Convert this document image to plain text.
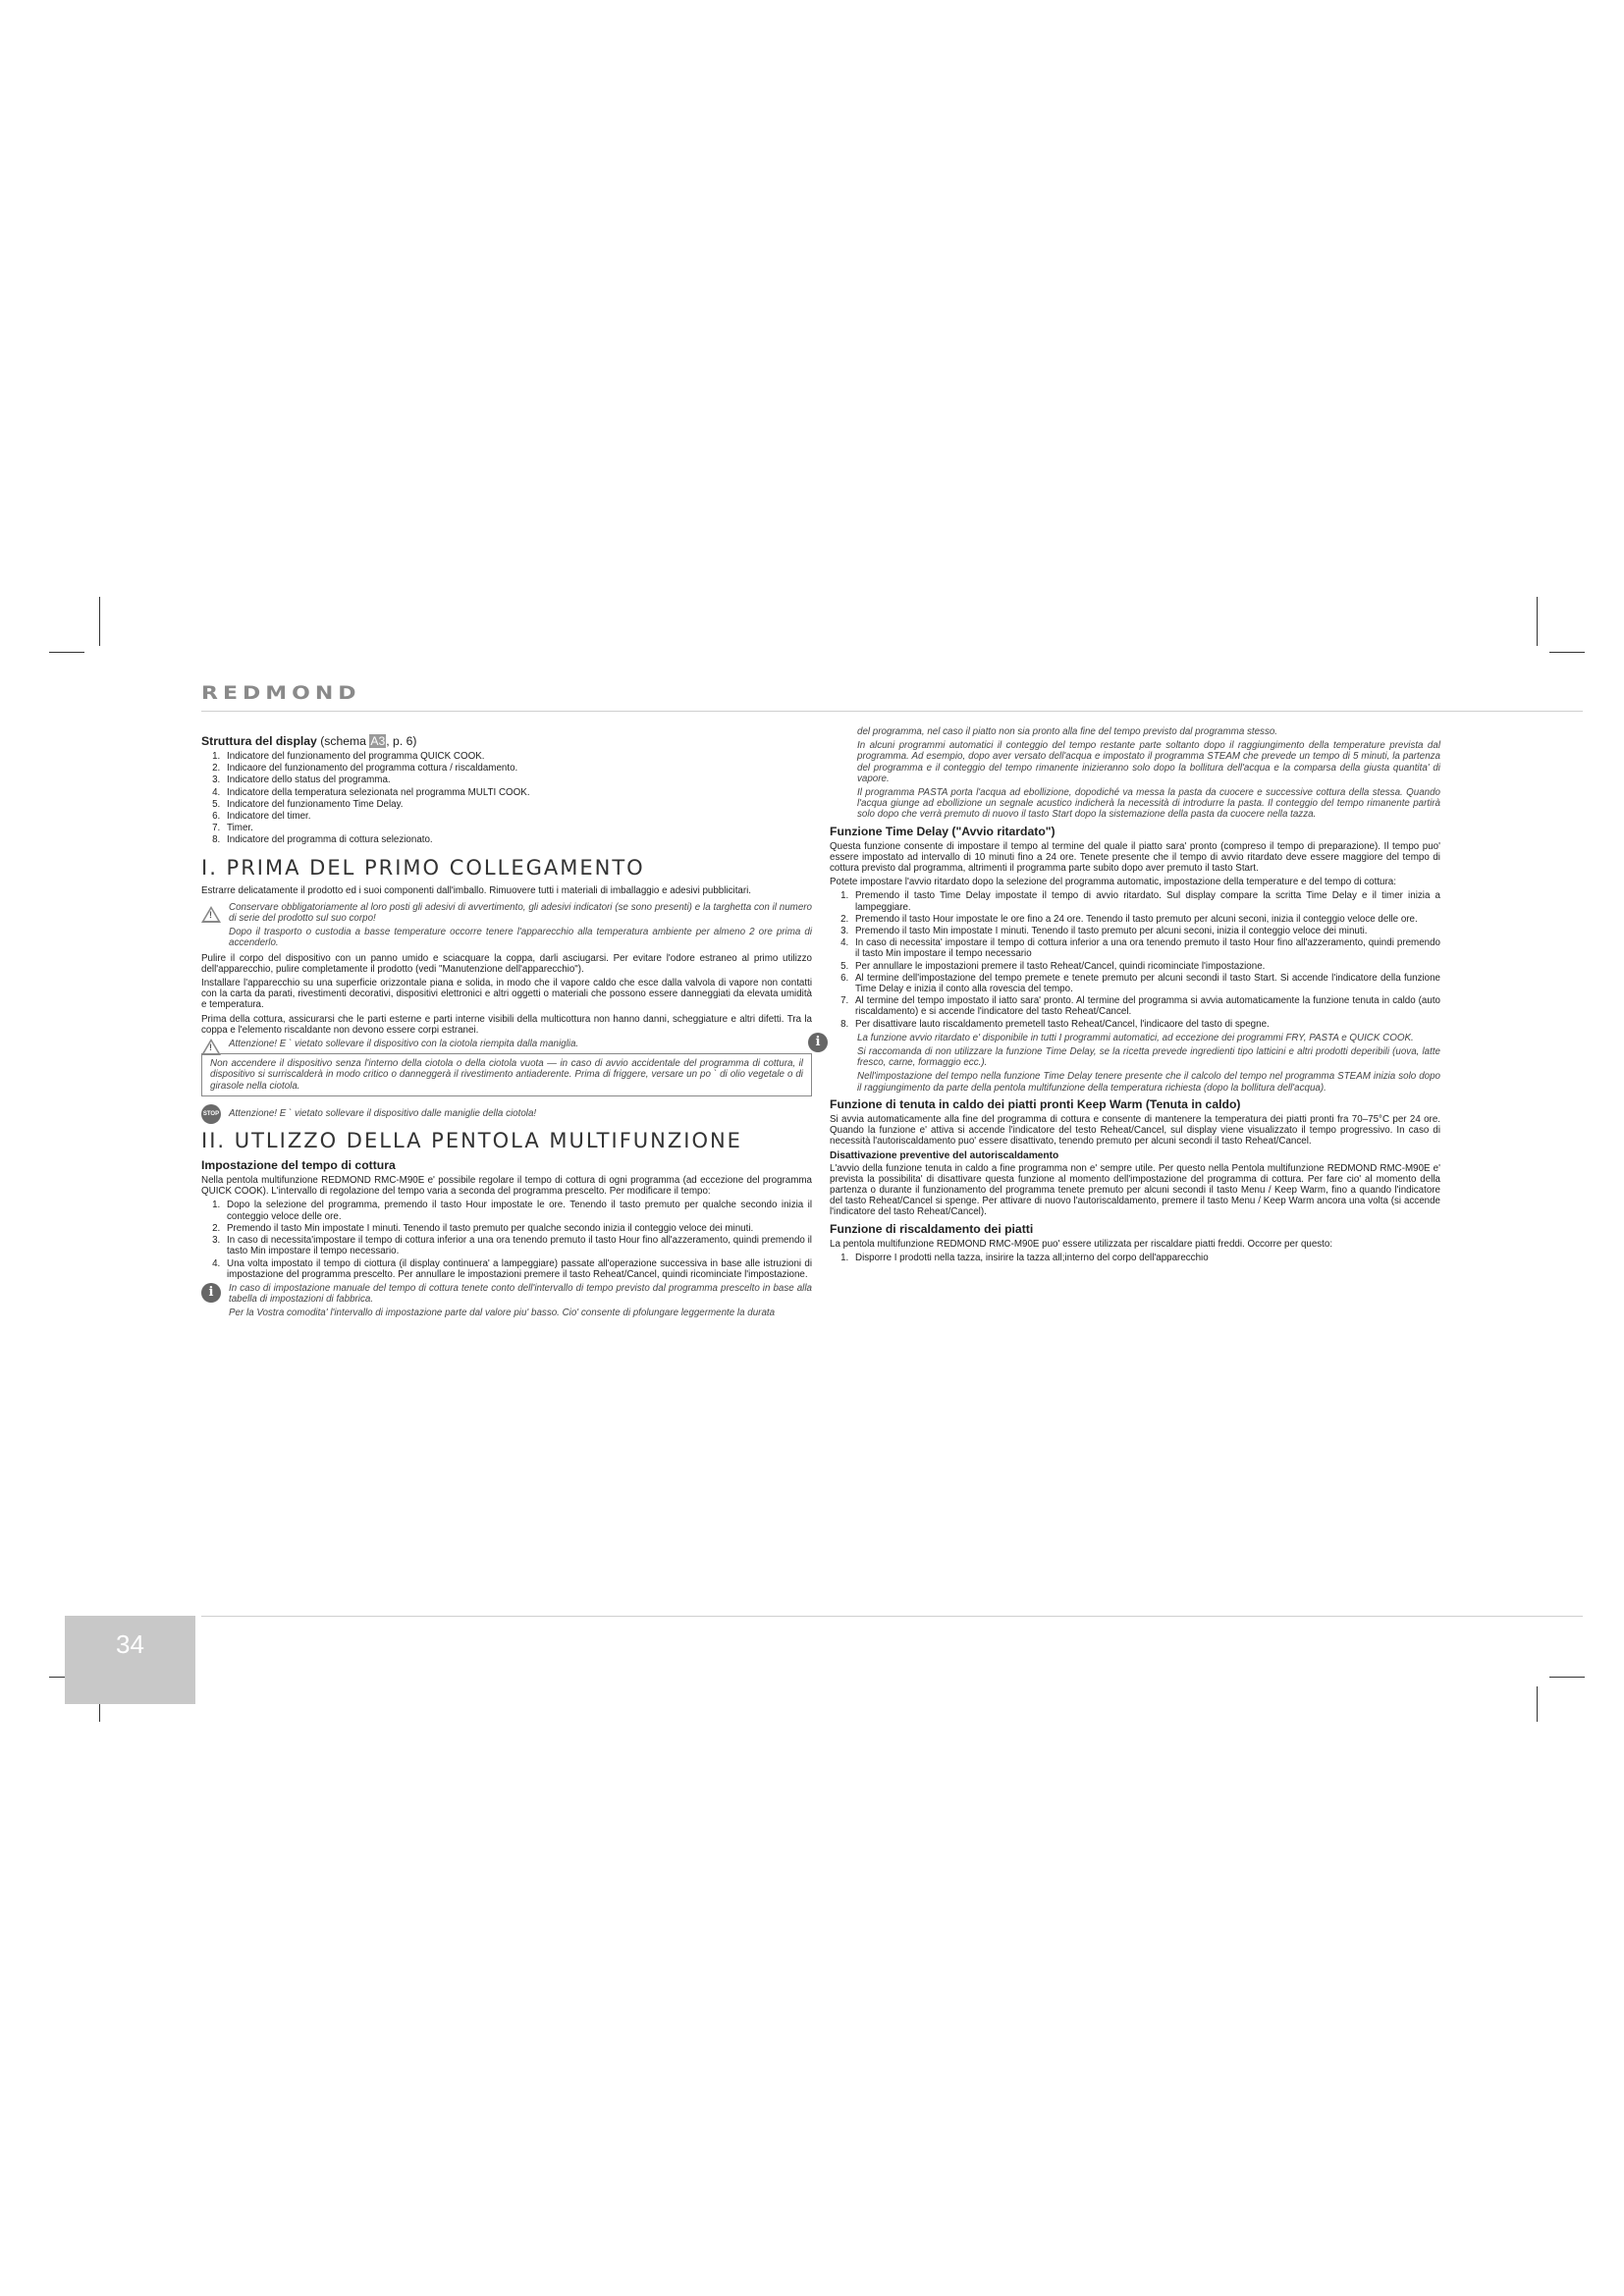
REDMOND
Struttura del display (schema A3, p. 6)
1. Indicatore del funzionamento del programma QUICK COOK.
2. Indicaore del funzionamento del programma cottura / riscaldamento.
3. Indicatore dello status del programma.
4. Indicatore della temperatura selezionata nel programma MULTI COOK.
5. Indicatore del funzionamento Time Delay.
6. Indicatore del timer.
7. Timer.
8. Indicatore del programma di cottura selezionato.
I. PRIMA DEL PRIMO COLLEGAMENTO

Estrarre delicatamente il prodotto ed i suoi componenti dall'imballo. Rimuovere tutti i materiali di imballaggio e adesivi pubblicitari.

!

Conservare obbligatoriamente al loro posti gli adesivi di avvertimento, gli adesivi indicatori (se sono presenti) e la targhetta con il numero di serie del prodotto sul suo corpo!

Dopo il trasporto o custodia a basse temperature occorre tenere l'apparecchio alla temperatura ambiente per almeno 2 ore prima di accenderlo.

Pulire il corpo del dispositivo con un panno umido e sciacquare la coppa, darli asciugarsi. Per evitare l'odore estraneo al primo utilizzo dell'apparecchio, pulire completamente il prodotto (vedi "Manutenzione dell'apparecchio").

Installare l'apparecchio su una superficie orizzontale piana e solida, in modo che il vapore caldo che esce dalla valvola di vapore non contatti con la carta da parati, rivestimenti decorativi, dispositivi elettronici e altri oggetti o materiali che possono essere danneggiati da elevata umidità e temperatura.

Prima della cottura, assicurarsi che le parti esterne e parti interne visibili della multicottura non hanno danni, scheggiature e altri difetti. Tra la coppa e l'elemento riscaldante non devono essere corpi estranei.

! Attenzione! E ` vietato sollevare il dispositivo con la ciotola riempita dalla maniglia.

Non accendere il dispositivo senza l'interno della ciotola o della ciotola vuota — in caso di avvio accidentale del programma di cottura, il dispositivo si surriscalderà in modo critico o danneggerà il rivestimento antiaderente. Prima di friggere, versare un po ` di olio vegetale o di girasole nella ciotola.

STOP Attenzione! E ` vietato sollevare il dispositivo dalle maniglie della ciotola!

II. UTLIZZO DELLA PENTOLA MULTIFUNZIONE
Impostazione del tempo di cottura

Nella pentola multifunzione REDMOND RMC-M90E e' possibile regolare il tempo di cottura di ogni programma (ad eccezione del programma QUICK COOK). L'intervallo di regolazione del tempo varia a seconda del programma prescelto. Per modificare il tempo:

1. Dopo la selezione del programma, premendo il tasto Hour impostate le ore. Tenendo il tasto premuto per qualche secondo inizia il conteggio veloce delle ore.
2. Premendo il tasto Min impostate I minuti. Tenendo il tasto premuto per qualche secondo inizia il conteggio veloce dei minuti.
3. In caso di necessita'impostare il tempo di cottura inferior a una ora tenendo premuto il tasto Hour fino all'azzeramento, quindi premendo il tasto Min impostare il tempo necessario.
4. Una volta impostato il tempo di ciottura (il display continuera' a lampeggiare) passate all'operazione successiva in base alle istruzioni di impostazione del programma prescelto. Per annullare le impostazioni premere il tasto Reheat/Cancel, quindi ricominciate l'impostazione.
i	In caso di impostazione manuale del tempo di cottura tenete conto dell'intervallo di tempo previsto dal programma prescelto in base alla tabella di impostazioni di fabbrica.

Per la Vostra comodita' l'intervallo di impostazione parte dal valore piu' basso. Cio' consente di pfolungare leggermente la durata

del programma, nel caso il piatto non sia pronto alla fine del tempo previsto dal programma stesso.

In alcuni programmi automatici il conteggio del tempo restante parte soltanto dopo il raggiungimento della temperature prevista dal programma. Ad esempio, dopo aver versato dell'acqua e impostato il programma STEAM che prevede un tempo di 5 minuti, la partenza del programma e il conteggio del tempo rimanente inizieranno solo dopo la bollitura dell'acqua e la comparsa della giusta quantita' di vapore.

Il programma PASTA porta l'acqua ad ebollizione, dopodiché va messa la pasta da cuocere e successive cottura della stessa. Quando l'acqua giunge ad ebollizione un segnale acustico indicherà la necessità di introdurre la pasta. Il conteggio del tempo rimanente partirà solo dopo che verrà premuto di nuovo il tasto Start dopo la sistemazione della pasta da cuocere nella tazza.

Funzione Time Delay ("Avvio ritardato")

Questa funzione consente di impostare il tempo al termine del quale il piatto sara' pronto (compreso il tempo di preparazione). Il tempo puo' essere impostato ad intervallo di 10 minuti fino a 24 ore. Tenete presente che il tempo di avvio ritardato deve essere maggiore del tempo di cottura previsto dal programma, altrimenti il programma parte subito dopo aver premuto il tasto Start.

Potete impostare l'avvio ritardato dopo la selezione del programma automatic, impostazione della temperature e del tempo di cottura:

1. Premendo il tasto Time Delay impostate il tempo di avvio ritardato. Sul display compare la scritta Time Delay e il timer inizia a lampeggiare.
2. Premendo il tasto Hour impostate le ore fino a 24 ore. Tenendo il tasto premuto per alcuni seconi, inizia il conteggio veloce delle ore.
3. Premendo il tasto Min impostate I minuti. Tenendo il tasto premuto per alcuni seconi, inizia il conteggio veloce dei minuti.
4. In caso di necessita' impostare il tempo di cottura inferior a una ora tenendo premuto il tasto Hour fino all'azzeramento, quindi premendo il tasto Min impostare il tempo necessario
5. Per annullare le impostazioni premere il tasto Reheat/Cancel, quindi ricominciate l'impostazione.
6. Al termine dell'impostazione del tempo premete e tenete premuto per alcuni secondi il tasto Start. Si accende l'indicatore della funzione Time Delay e inizia il conto alla rovescia del tempo.
7. Al termine del tempo impostato il iatto sara' pronto. Al termine del programma si avvia automaticamente la funzione tenuta in caldo (auto riscaldamento) e si accende l'indicatore del tasto Reheat/Cancel.
8. Per disattivare lauto riscaldamento premetell tasto Reheat/Cancel, l'indicaore del tasto di spegne.
i	La funzione avvio ritardato e' disponibile in tutti I programmi automatici, ad eccezione dei programmi FRY, PASTA e QUICK COOK.

Si raccomanda di non utilizzare la funzione Time Delay, se la ricetta prevede ingredienti tipo latticini e altri prodotti deperibili (uova, latte fresco, carne, formaggio ecc.).

Nell'impostazione del tempo nella funzione Time Delay tenere presente che il calcolo del tempo nel programma STEAM inizia solo dopo il raggiungimento da parte della pentola multifunzione della temperatura richiesta (dopo la bollitura dell'acqua).

Funzione di tenuta in caldo dei piatti pronti Keep Warm (Tenuta in caldo)

Si avvia automaticamente alla fine del programma di cottura e consente di mantenere la temperatura dei piatti pronti fra 70–75°C per 24 ore. Quando la funzione e' attiva si accende l'indicatore del testo Reheat/Cancel, sul display viene visualizzato il tempo progressivo. In caso di necessità l'autoriscaldamento puo' essere disattivato, tenendo premuto per alcuni secondi il tasto Reheat/Cancel.

Disattivazione preventive del autoriscaldamento

L'avvio della funzione tenuta in caldo a fine programma non e' sempre utile. Per questo nella Pentola multifunzione REDMOND RMC-M90E e' prevista la possibilita' di disattivare questa funzione al momento dell'impostazione del programma di cottura. Per fare cio' al momento della partenza o durante il funzionamento del programma tenete premuto per alcuni secondi il tasto Menu / Keep Warm, fino a quando l'indicatore del tasto Reheat/Cancel si spenge. Per attivare di nuovo l'autoriscaldamento, premere il tasto Menu / Keep Warm ancora una volta (si accende l'indicatore del tasto Reheat/Cancel).

Funzione di riscaldamento dei piatti

La pentola multifunzione REDMOND RMC-M90E puo' essere utilizzata per riscaldare piatti freddi. Occorre per questo:

1. Disporre I prodotti nella tazza, insirire la tazza all;interno del corpo dell'apparecchio
34
